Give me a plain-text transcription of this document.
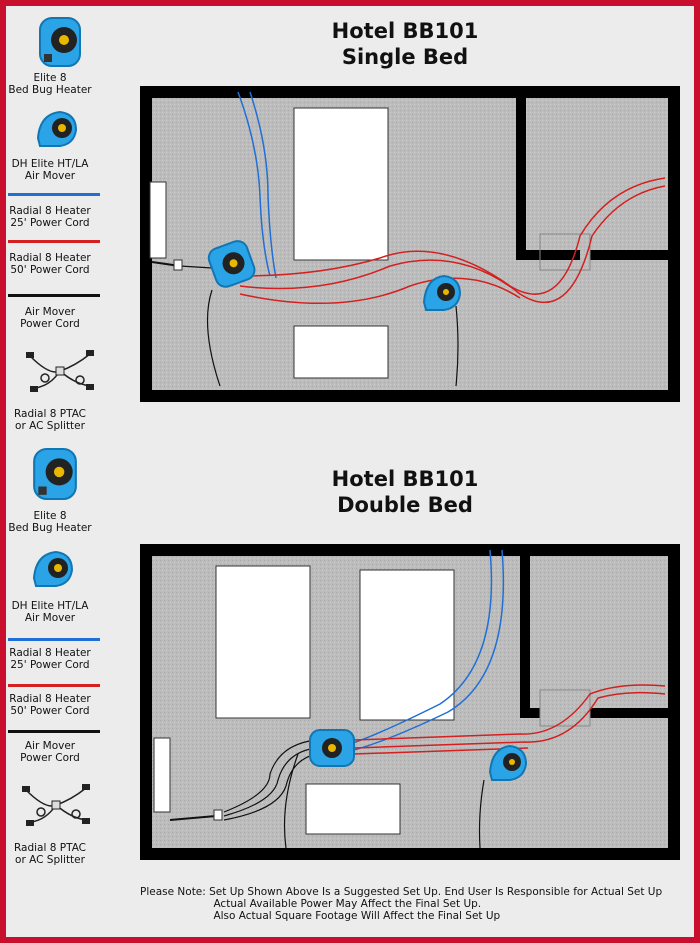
Elite 8
Bed Bug Heater
DH Elite HT/LA
Air Mover
Radial 8 Heater
25' Power Cord
Radial 8 Heater
50' Power Cord
Air Mover
Power Cord
Radial 8 PTAC
or AC Splitter
Elite 8
Bed Bug Heater
DH Elite HT/LA
Air Mover
Radial 8 Heater
25' Power Cord
Radial 8 Heater
50' Power Cord
Air Mover
Power Cord
Radial 8 PTAC
or AC Splitter
Hotel BB101
Single Bed
Hotel BB101
Double Bed
Please Note: Set Up Shown Above Is a Suggested Set Up. End User Is Responsible for Actual Set Up
Actual Available Power May Affect the Final Set Up.
Also Actual Square Footage Will Affect the Final Set Up
